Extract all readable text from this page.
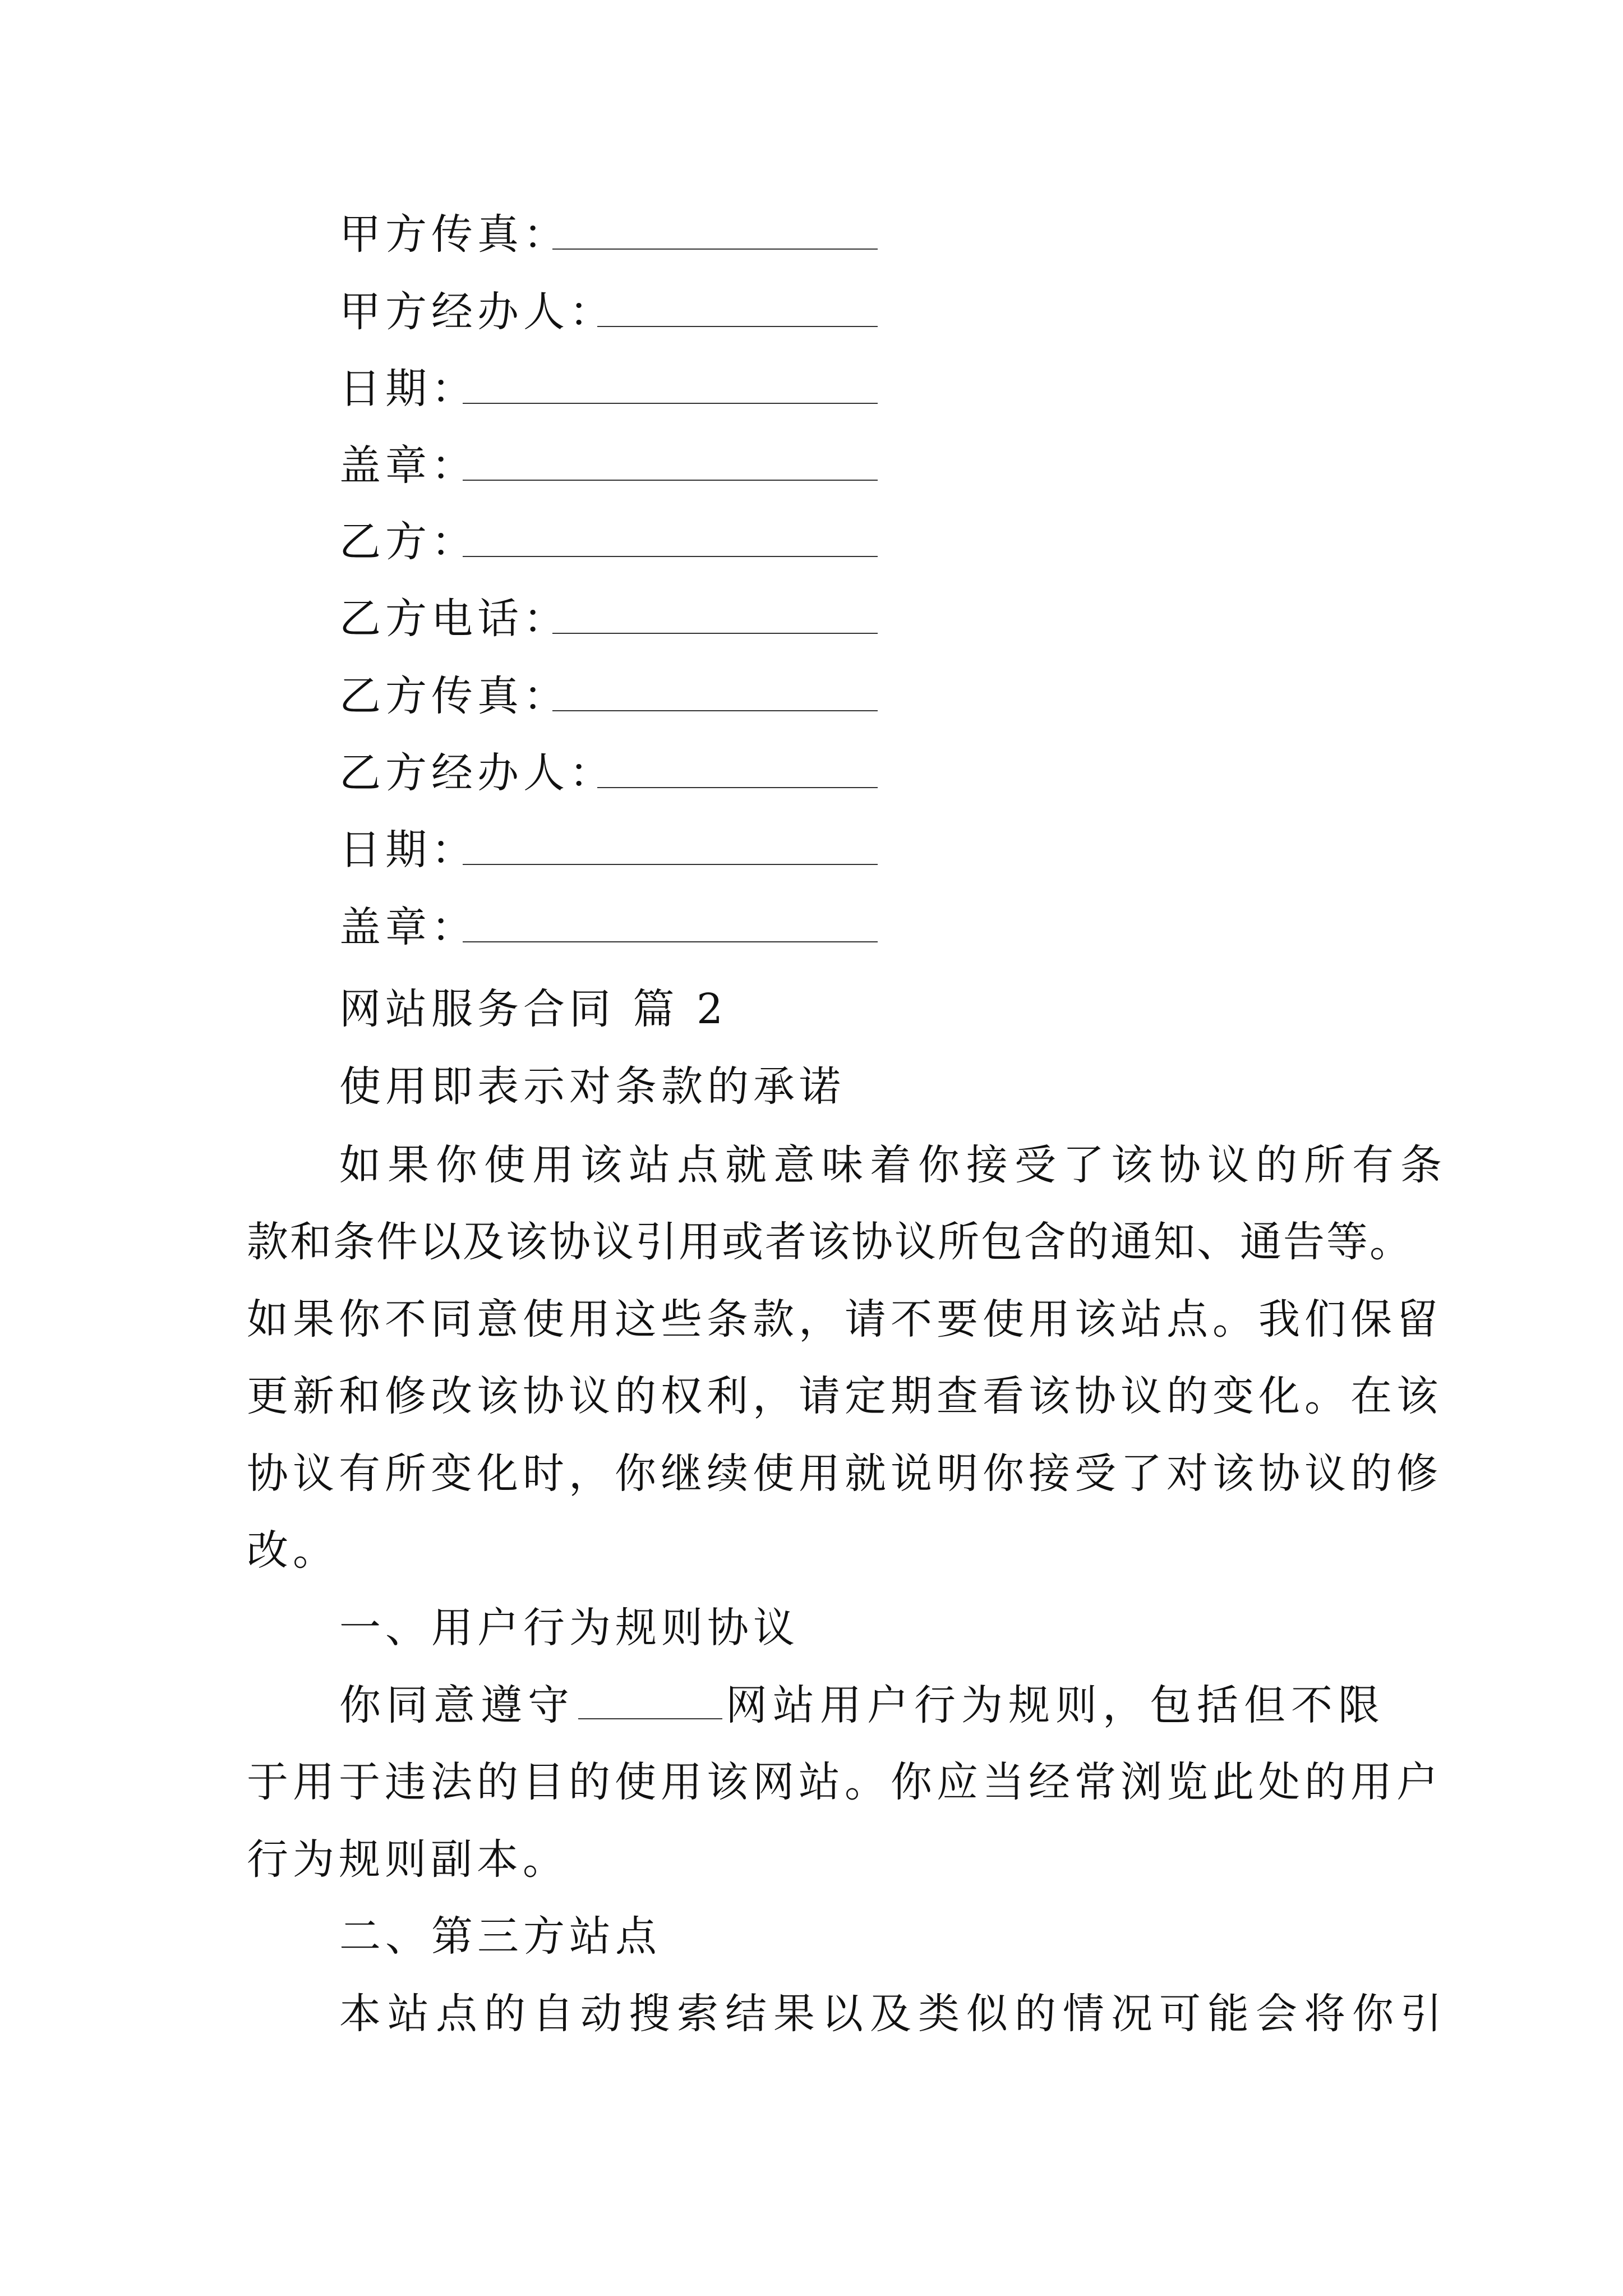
甲方传真：
甲方经办人：
日期：
盖章：
乙方：
乙方电话：
乙方传真：
乙方经办人：
日期：
盖章：
网站服务合同 篇 2
使用即表示对条款的承诺
如果你使用该站点就意味着你接受了该协议的所有条
款和条件以及该协议引用或者该协议所包含的通知、通告等。
如果你不同意使用这些条款，请不要使用该站点。我们保留
更新和修改该协议的权利，请定期查看该协议的变化。在该
协议有所变化时，你继续使用就说明你接受了对该协议的修
改。
一、用户行为规则协议
你同意遵守	网站用户行为规则，包括但不限
于用于违法的目的使用该网站。你应当经常浏览此处的用户
行为规则副本。
二、第三方站点
本站点的自动搜索结果以及类似的情况可能会将你引
